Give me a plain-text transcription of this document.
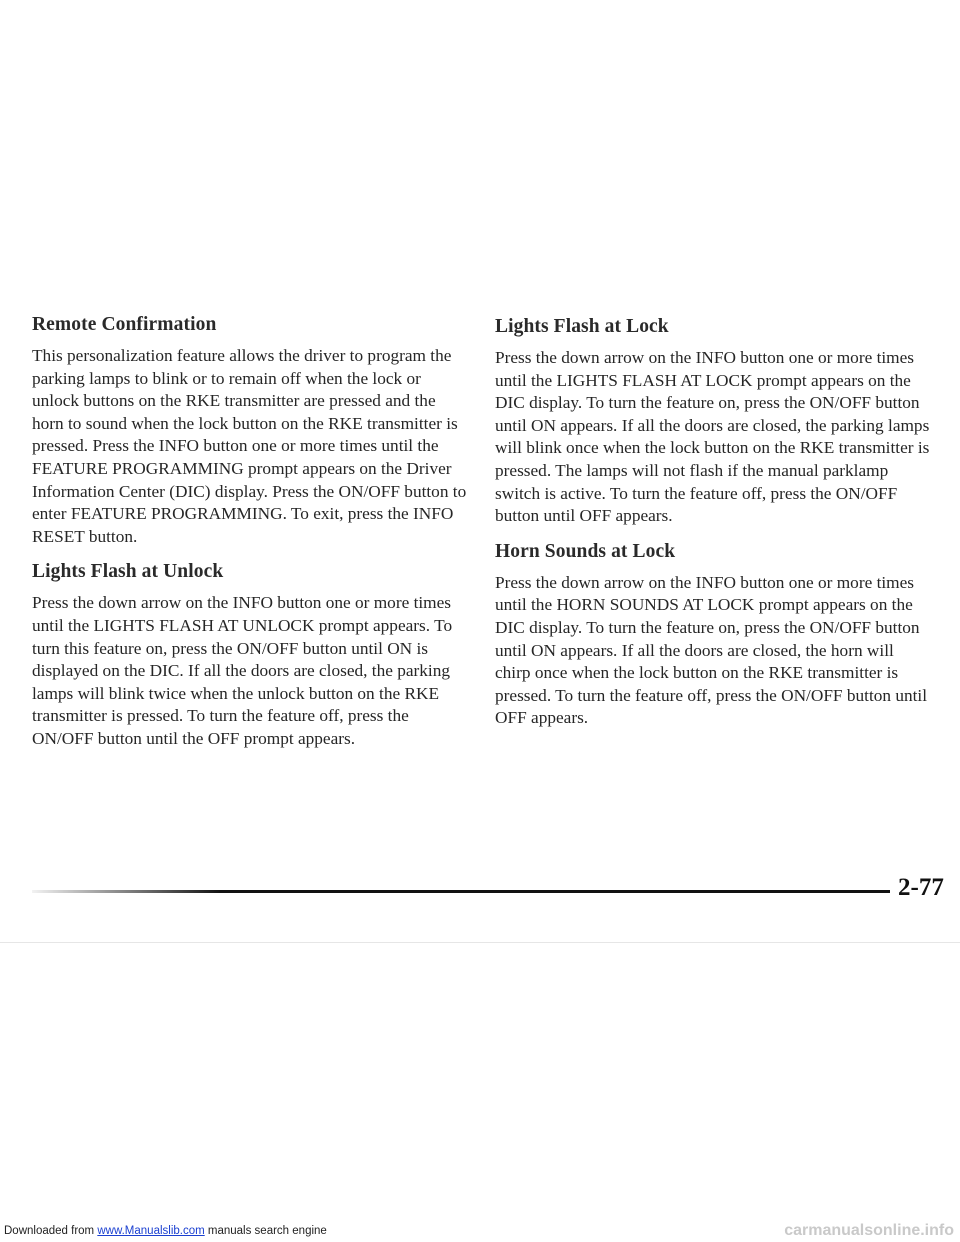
Remote Confirmation

This personalization feature allows the driver to program the parking lamps to blink or to remain off when the lock or unlock buttons on the RKE transmitter are pressed and the horn to sound when the lock button on the RKE transmitter is pressed. Press the INFO button one or more times until the FEATURE PROGRAMMING prompt appears on the Driver Information Center (DIC) display. Press the ON/OFF button to enter FEATURE PROGRAMMING. To exit, press the INFO RESET button.

Lights Flash at Unlock

Press the down arrow on the INFO button one or more times until the LIGHTS FLASH AT UNLOCK prompt appears. To turn this feature on, press the ON/OFF button until ON is displayed on the DIC. If all the doors are closed, the parking lamps will blink twice when the unlock button on the RKE transmitter is pressed. To turn the feature off, press the ON/OFF button until the OFF prompt appears.

Lights Flash at Lock

Press the down arrow on the INFO button one or more times until the LIGHTS FLASH AT LOCK prompt appears on the DIC display. To turn the feature on, press the ON/OFF button until ON appears. If all the doors are closed, the parking lamps will blink once when the lock button on the RKE transmitter is pressed. The lamps will not flash if the manual parklamp switch is active. To turn the feature off, press the ON/OFF button until OFF appears.

Horn Sounds at Lock

Press the down arrow on the INFO button one or more times until the HORN SOUNDS AT LOCK prompt appears on the DIC display. To turn the feature on, press the ON/OFF button until ON appears. If all the doors are closed, the horn will chirp once when the lock button on the RKE transmitter is pressed. To turn the feature off, press the ON/OFF button until OFF appears.

2-77
Downloaded from www.Manualslib.com manuals search engine	carmanualsonline.info
